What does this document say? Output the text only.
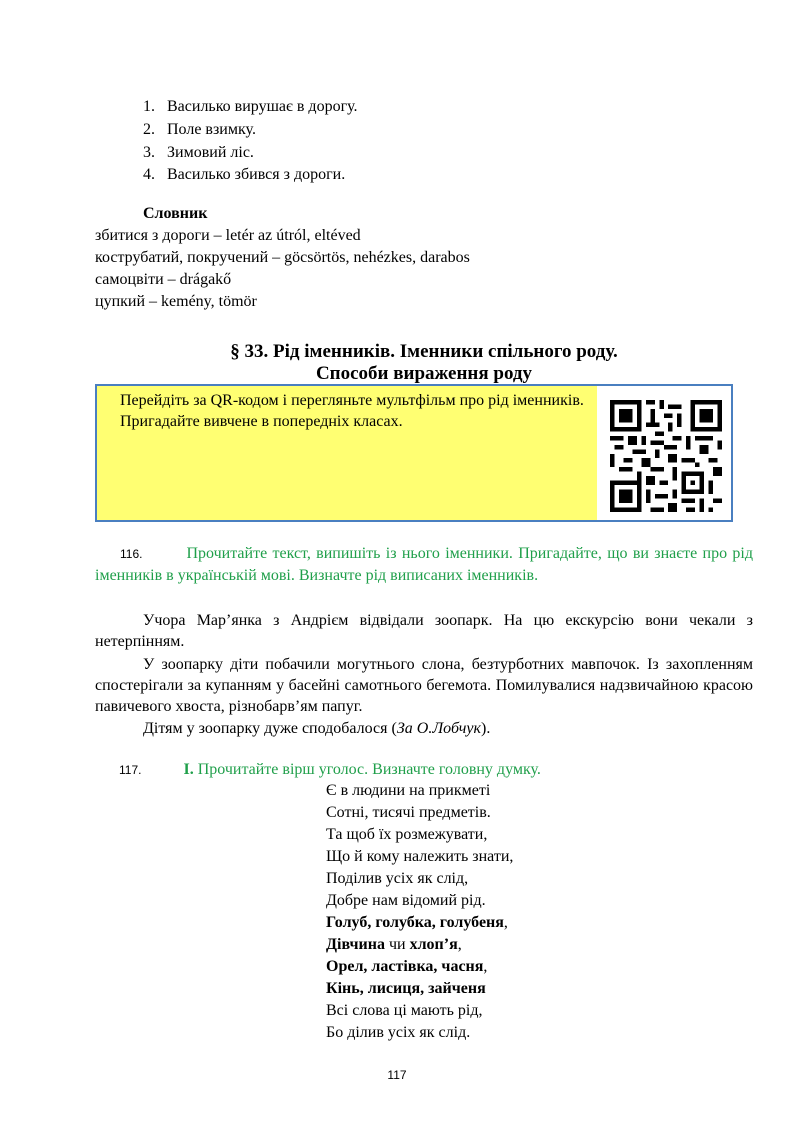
1. Василько вирушає в дорогу.
2. Поле взимку.
3. Зимовий ліс.
4. Василько збився з дороги.
Словник
збитися з дороги – letér az útról, eltéved
кострубатий, покручений – göcsörtös, nehézkes, darabos
самоцвіти – drágakő
цупкий – kemény, tömör
§ 33. Рід іменників. Іменники спільного роду.
Способи вираження роду
Перейдіть за QR-кодом і перегляньте мультфільм про рід іменників. Пригадайте вивчене в попередніх класах.
116.	Прочитайте текст, випишіть із нього іменники. Пригадайте, що ви знаєте про рід іменників в українській мові. Визначте рід виписаних іменників.
Учора Мар’янка з Андрієм відвідали зоопарк. На цю екскурсію вони чекали з нетерпінням.
У зоопарку діти побачили могутнього слона, безтурботних мавпочок. Із захопленням спостерігали за купанням у басейні самотнього бегемота. Помилувалися надзвичайною красою павичевого хвоста, різнобарв’ям папуг.
Дітям у зоопарку дуже сподобалося (За О.Лобчук).
117.	І. Прочитайте вірш уголос. Визначте головну думку.
Є в людини на прикметі
Сотні, тисячі предметів.
Та щоб їх розмежувати,
Що й кому належить знати,
Поділив усіх як слід,
Добре нам відомий рід.
Голуб, голубка, голубеня,
Дівчина чи хлоп’я,
Орел, ластівка, часня,
Кінь, лисиця, зайченя
Всі слова ці мають рід,
Бо ділив усіх як слід.
117
